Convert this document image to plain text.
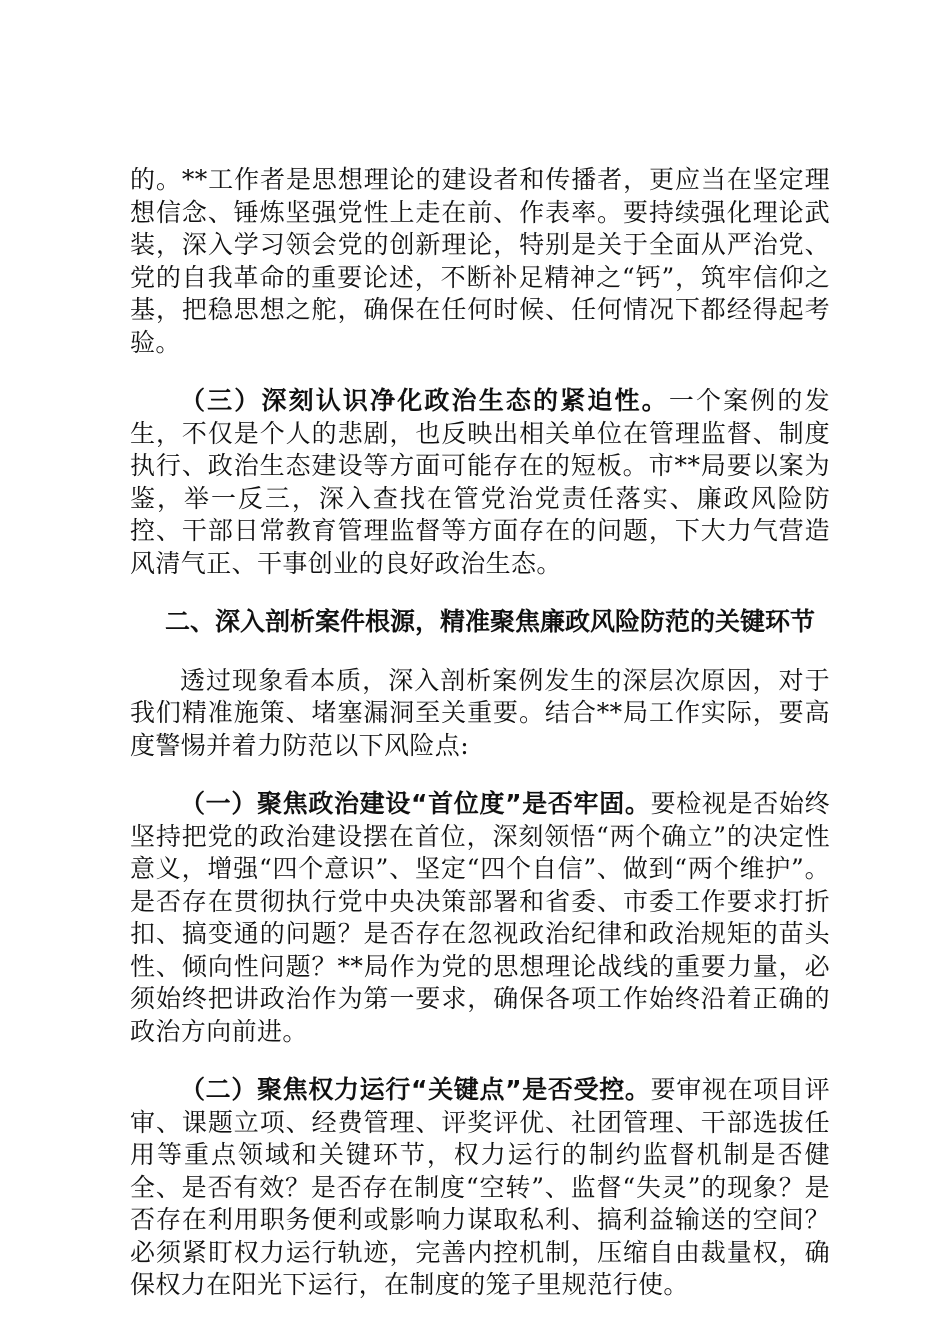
的。**工作者是思想理论的建设者和传播者，更应当在坚定理想信念、锤炼坚强党性上走在前、作表率。要持续强化理论武装，深入学习领会党的创新理论，特别是关于全面从严治党、党的自我革命的重要论述，不断补足精神之“钙”，筑牢信仰之基，把稳思想之舵，确保在任何时候、任何情况下都经得起考验。

（三）深刻认识净化政治生态的紧迫性。一个案例的发生，不仅是个人的悲剧，也反映出相关单位在管理监督、制度执行、政治生态建设等方面可能存在的短板。市**局要以案为鉴，举一反三，深入查找在管党治党责任落实、廉政风险防控、干部日常教育管理监督等方面存在的问题，下大力气营造风清气正、干事创业的良好政治生态。

二、深入剖析案件根源，精准聚焦廉政风险防范的关键环节

透过现象看本质，深入剖析案例发生的深层次原因，对于我们精准施策、堵塞漏洞至关重要。结合**局工作实际，要高度警惕并着力防范以下风险点:

（一）聚焦政治建设“首位度”是否牢固。要检视是否始终坚持把党的政治建设摆在首位，深刻领悟“两个确立”的决定性意义，增强“四个意识”、坚定“四个自信”、做到“两个维护”。是否存在贯彻执行党中央决策部署和省委、市委工作要求打折扣、搞变通的问题？是否存在忽视政治纪律和政治规矩的苗头性、倾向性问题？**局作为党的思想理论战线的重要力量，必须始终把讲政治作为第一要求，确保各项工作始终沿着正确的政治方向前进。

（二）聚焦权力运行“关键点”是否受控。要审视在项目评审、课题立项、经费管理、评奖评优、社团管理、干部选拔任用等重点领域和关键环节，权力运行的制约监督机制是否健全、是否有效？是否存在制度“空转”、监督“失灵”的现象？是否存在利用职务便利或影响力谋取私利、搞利益输送的空间？必须紧盯权力运行轨迹，完善内控机制，压缩自由裁量权，确保权力在阳光下运行，在制度的笼子里规范行使。
